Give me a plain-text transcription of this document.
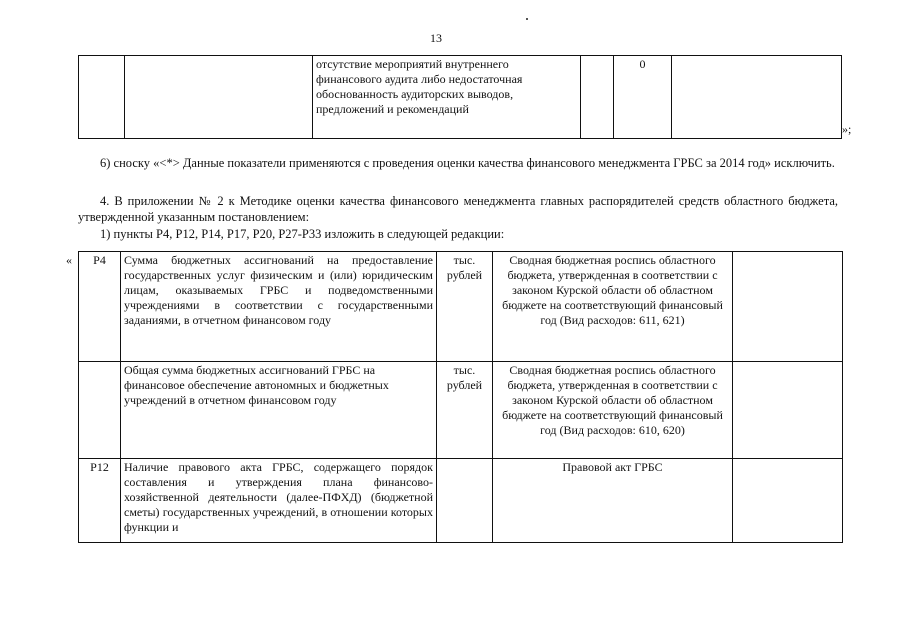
13
		отсутствие мероприятий внутреннего финансового аудита либо недостаточная обоснованность аудиторских выводов, предложений и рекомендаций		0	
»;

6) сноску «<*> Данные показатели применяются с проведения оценки качества финансового менеджмента ГРБС за 2014 год» исключить.

4. В приложении № 2 к Методике оценки качества финансового менеджмента главных распорядителей средств областного бюджета, утвержденной указанным постановлением:

1) пункты Р4, Р12, Р14, Р17, Р20, Р27-Р33 изложить в следующей редакции:

« Р4	Сумма бюджетных ассигнований на предоставление государственных услуг физическим и (или) юридическим лицам, оказываемых ГРБС и подведомственными учреждениями в соответствии с государственными заданиями, в отчетном финансовом году	тыс. рублей	Сводная бюджетная роспись областного бюджета, утвержденная в соответствии с законом Курской области об областном бюджете на соответствующий финансовый год (Вид расходов: 611, 621)	
	Общая сумма бюджетных ассигнований ГРБС на финансовое обеспечение автономных и бюджетных учреждений в отчетном финансовом году	тыс. рублей	Сводная бюджетная роспись областного бюджета, утвержденная в соответствии с законом Курской области об областном бюджете на соответствующий финансовый год (Вид расходов: 610, 620)	
Р12	Наличие правового акта ГРБС, содержащего порядок составления и утверждения плана финансово-хозяйственной деятельности (далее-ПФХД) (бюджетной сметы) государственных учреждений, в отношении которых функции и		Правовой акт ГРБС	
